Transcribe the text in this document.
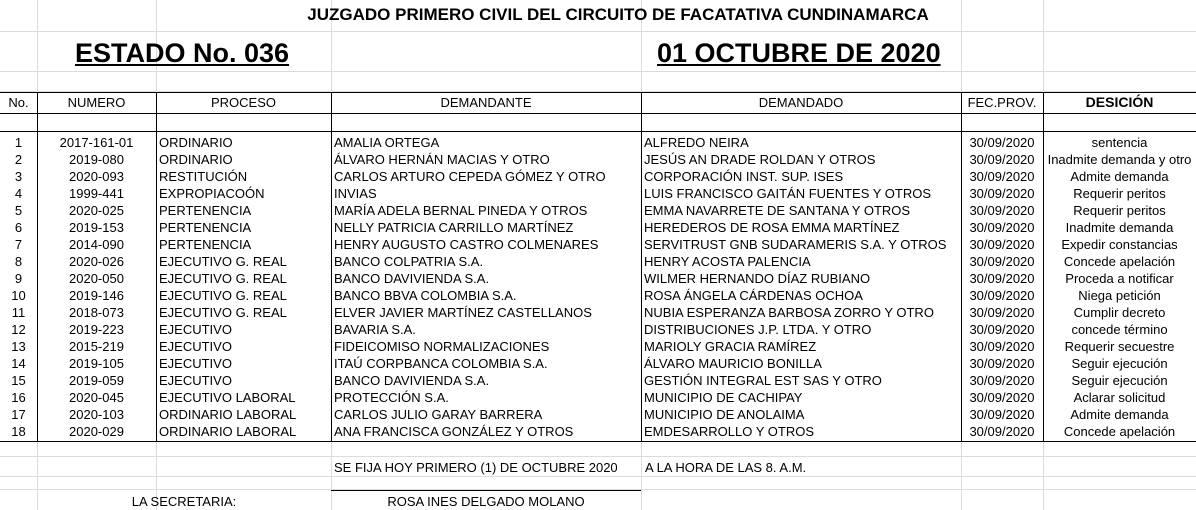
JUZGADO PRIMERO CIVIL DEL CIRCUITO DE FACATATIVA CUNDINAMARCA
ESTADO No. 036	01 OCTUBRE DE 2020
No.	NUMERO	PROCESO	DEMANDANTE	DEMANDADO	FEC.PROV.	DESICIÓN
1	2017-161-01	ORDINARIO	AMALIA ORTEGA	ALFREDO NEIRA	30/09/2020	sentencia
2	2019-080	ORDINARIO	ÁLVARO HERNÁN MACIAS Y OTRO	JESÚS AN DRADE ROLDAN Y OTROS	30/09/2020	Inadmite demanda y otro
3	2020-093	RESTITUCIÓN	CARLOS ARTURO CEPEDA GÓMEZ Y OTRO	CORPORACIÓN INST. SUP. ISES	30/09/2020	Admite demanda
4	1999-441	EXPROPIACOÓN	INVIAS	LUIS FRANCISCO GAITÁN FUENTES Y OTROS	30/09/2020	Requerir peritos
5	2020-025	PERTENENCIA	MARÍA ADELA BERNAL PINEDA Y OTROS	EMMA NAVARRETE DE SANTANA Y OTROS	30/09/2020	Requerir peritos
6	2019-153	PERTENENCIA	NELLY PATRICIA CARRILLO MARTÍNEZ	HEREDEROS DE ROSA EMMA MARTÍNEZ	30/09/2020	Inadmite demanda
7	2014-090	PERTENENCIA	HENRY AUGUSTO CASTRO COLMENARES	SERVITRUST GNB SUDARAMERIS S.A. Y OTROS	30/09/2020	Expedir constancias
8	2020-026	EJECUTIVO G. REAL	BANCO COLPATRIA S.A.	HENRY ACOSTA PALENCIA	30/09/2020	Concede apelación
9	2020-050	EJECUTIVO G. REAL	BANCO DAVIVIENDA S.A.	WILMER HERNANDO DÍAZ RUBIANO	30/09/2020	Proceda a notificar
10	2019-146	EJECUTIVO G. REAL	BANCO BBVA COLOMBIA S.A.	ROSA ÁNGELA CÁRDENAS OCHOA	30/09/2020	Niega petición
11	2018-073	EJECUTIVO G. REAL	ELVER JAVIER MARTÍNEZ CASTELLANOS	NUBIA ESPERANZA BARBOSA ZORRO Y OTRO	30/09/2020	Cumplir decreto
12	2019-223	EJECUTIVO	BAVARIA S.A.	DISTRIBUCIONES J.P. LTDA. Y OTRO	30/09/2020	concede término
13	2015-219	EJECUTIVO	FIDEICOMISO NORMALIZACIONES	MARIOLY GRACIA RAMÍREZ	30/09/2020	Requerir secuestre
14	2019-105	EJECUTIVO	ITAÚ CORPBANCA COLOMBIA S.A.	ÁLVARO MAURICIO BONILLA	30/09/2020	Seguir ejecución
15	2019-059	EJECUTIVO	BANCO DAVIVIENDA S.A.	GESTIÓN INTEGRAL EST SAS Y OTRO	30/09/2020	Seguir ejecución
16	2020-045	EJECUTIVO LABORAL	PROTECCIÓN S.A.	MUNICIPIO DE CACHIPAY	30/09/2020	Aclarar solicitud
17	2020-103	ORDINARIO LABORAL	CARLOS JULIO GARAY BARRERA	MUNICIPIO DE ANOLAIMA	30/09/2020	Admite demanda
18	2020-029	ORDINARIO LABORAL	ANA FRANCISCA GONZÁLEZ Y OTROS	EMDESARROLLO Y OTROS	30/09/2020	Concede apelación
SE FIJA HOY PRIMERO (1) DE OCTUBRE 2020 A LA HORA DE LAS 8. A.M.
LA SECRETARIA:	ROSA INES DELGADO MOLANO
